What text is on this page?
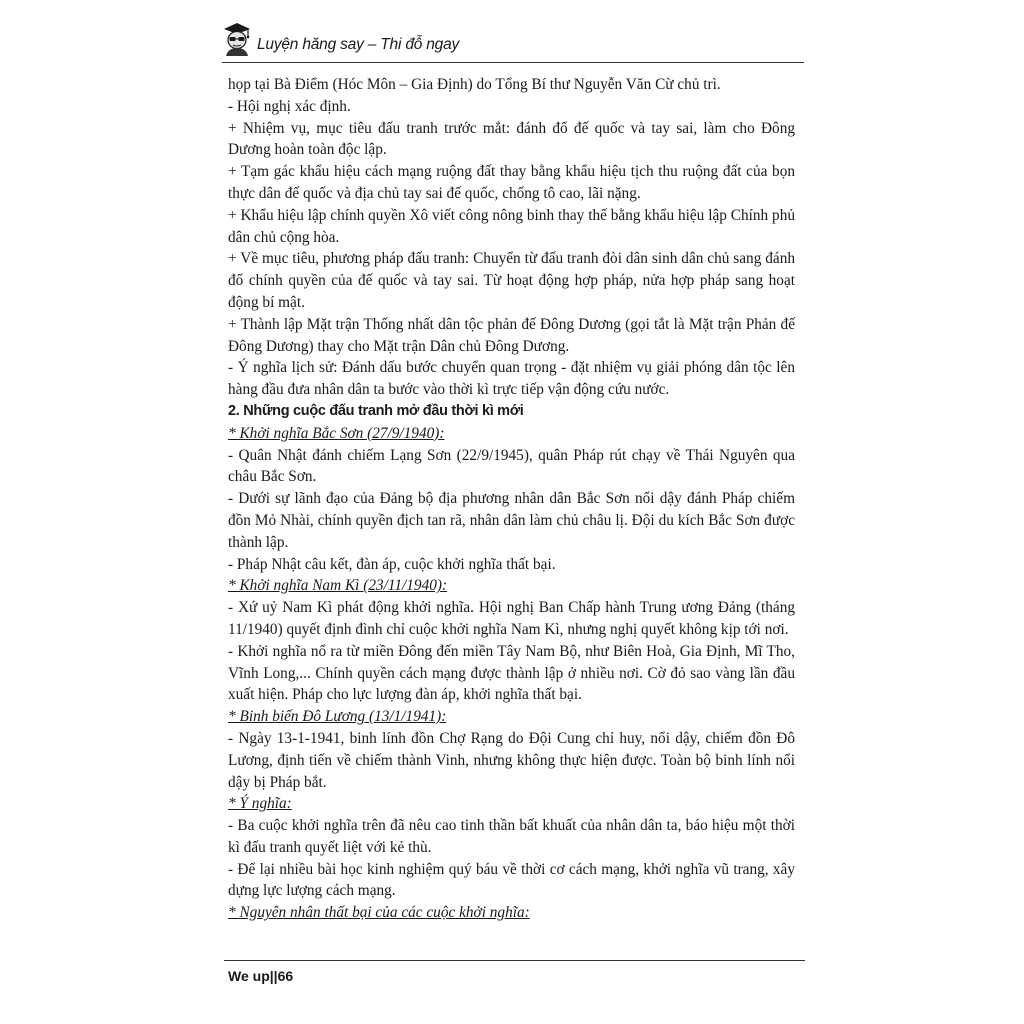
Luyện hăng say – Thi đỗ ngay

họp tại Bà Điểm (Hóc Môn – Gia Định) do Tổng Bí thư Nguyễn Văn Cừ chủ trì.

- Hội nghị xác định.

+ Nhiệm vụ, mục tiêu đấu tranh trước mắt: đánh đổ đế quốc và tay sai, làm cho Đông Dương hoàn toàn độc lập.

+ Tạm gác khẩu hiệu cách mạng ruộng đất thay bằng khẩu hiệu tịch thu ruộng đất của bọn thực dân đế quốc và địa chủ tay sai đế quốc, chống tô cao, lãi nặng.

+ Khẩu hiệu lập chính quyền Xô viết công nông binh thay thế bằng khẩu hiệu lập Chính phủ dân chủ cộng hòa.

+ Về mục tiêu, phương pháp đấu tranh: Chuyển từ đấu tranh đòi dân sinh dân chủ sang đánh đổ chính quyền của đế quốc và tay sai. Từ hoạt động hợp pháp, nửa hợp pháp sang hoạt động bí mật.

+ Thành lập Mặt trận Thống nhất dân tộc phản đế Đông Dương (gọi tắt là Mặt trận Phản đế Đông Dương) thay cho Mặt trận Dân chủ Đông Dương.

- Ý nghĩa lịch sử: Đánh dấu bước chuyển quan trọng - đặt nhiệm vụ giải phóng dân tộc lên hàng đầu đưa nhân dân ta bước vào thời kì trực tiếp vận động cứu nước.

2. Những cuộc đấu tranh mở đầu thời kì mới

* Khởi nghĩa Bắc Sơn (27/9/1940):

- Quân Nhật đánh chiếm Lạng Sơn (22/9/1945), quân Pháp rút chạy về Thái Nguyên qua châu Bắc Sơn.

- Dưới sự lãnh đạo của Đảng bộ địa phương nhân dân Bắc Sơn nổi dậy đánh Pháp chiếm đồn Mỏ Nhài, chính quyền địch tan rã, nhân dân làm chủ châu lị. Đội du kích Bắc Sơn được thành lập.

- Pháp Nhật câu kết, đàn áp, cuộc khởi nghĩa thất bại.

* Khởi nghĩa Nam Kì (23/11/1940):

- Xứ uỷ Nam Kì phát động khởi nghĩa. Hội nghị Ban Chấp hành Trung ương Đảng (tháng 11/1940) quyết định đình chỉ cuộc khởi nghĩa Nam Kì, nhưng nghị quyết không kịp tới nơi.

- Khởi nghĩa nổ ra từ miền Đông đến miền Tây Nam Bộ, như Biên Hoà, Gia Định, Mĩ Tho, Vĩnh Long,... Chính quyền cách mạng được thành lập ở nhiều nơi. Cờ đỏ sao vàng lần đầu xuất hiện. Pháp cho lực lượng đàn áp, khởi nghĩa thất bại.

* Binh biến Đô Lương (13/1/1941):

- Ngày 13-1-1941, binh lính đồn Chợ Rạng do Đội Cung chỉ huy, nổi dậy, chiếm đồn Đô Lương, định tiến về chiếm thành Vinh, nhưng không thực hiện được. Toàn bộ binh lính nổi dậy bị Pháp bắt.

* Ý nghĩa:

- Ba cuộc khởi nghĩa trên đã nêu cao tinh thần bất khuất của nhân dân ta, báo hiệu một thời kì đấu tranh quyết liệt với kẻ thù.

- Để lại nhiều bài học kinh nghiệm quý báu về thời cơ cách mạng, khởi nghĩa vũ trang, xây dựng lực lượng cách mạng.

* Nguyên nhân thất bại của các cuộc khởi nghĩa:

We up||66
